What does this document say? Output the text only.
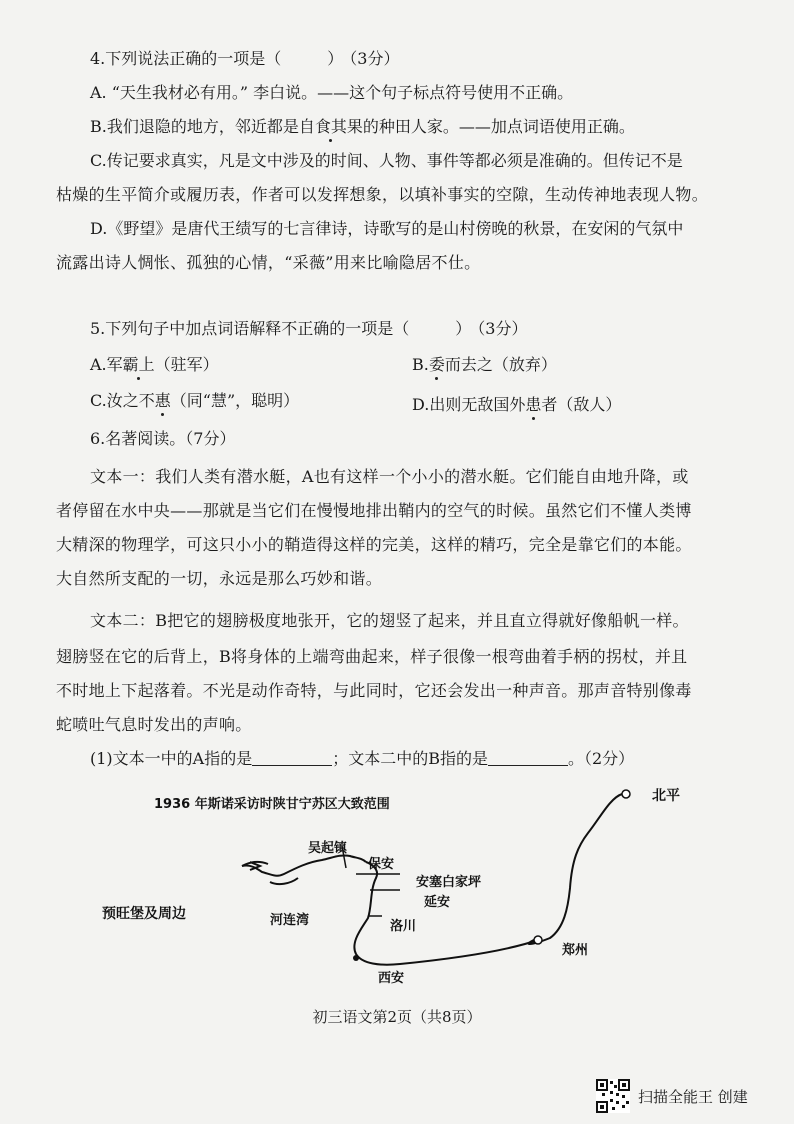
4.下列说法正确的一项是（	） （3分）
A. “天生我材必有用。” 李白说。——这个句子标点符号使用不正确。
B.我们退隐的地方，邻近都是自食其果的种田人家。——加点词语使用正确。
C.传记要求真实，凡是文中涉及的时间、人物、事件等都必须是准确的。但传记不是
枯燥的生平简介或履历表，作者可以发挥想象，以填补事实的空隙，生动传神地表现人物。
D.《野望》是唐代王绩写的七言律诗，诗歌写的是山村傍晚的秋景，在安闲的气氛中
流露出诗人惆怅、孤独的心情，“采薇”用来比喻隐居不仕。
5.下列句子中加点词语解释不正确的一项是（	） （3分）
A.军霸上（驻军）	B.委而去之（放弃）
C.汝之不惠（同“慧”，聪明）	D.出则无敌国外患者（敌人）
6.名著阅读。（7分）
文本一：我们人类有潜水艇，A也有这样一个小小的潜水艇。它们能自由地升降，或
者停留在水中央——那就是当它们在慢慢地排出鞘内的空气的时候。虽然它们不懂人类博
大精深的物理学，可这只小小的鞘造得这样的完美，这样的精巧，完全是靠它们的本能。
大自然所支配的一切，永远是那么巧妙和谐。
文本二：B把它的翅膀极度地张开，它的翅竖了起来，并且直立得就好像船帆一样。
翅膀竖在它的后背上，B将身体的上端弯曲起来，样子很像一根弯曲着手柄的拐杖，并且
不时地上下起落着。不光是动作奇特，与此同时，它还会发出一种声音。那声音特别像毒
蛇喷吐气息时发出的声响。
(1)文本一中的A指的是	；文本二中的B指的是	。（2分）
1936 年斯诺采访时陕甘宁苏区大致范围
北平
吴起镇
保安
安塞白家坪
延安
预旺堡及周边	河连湾	洛川
郑州
西安
初三语文第2页（共8页）
扫描全能王 创建
